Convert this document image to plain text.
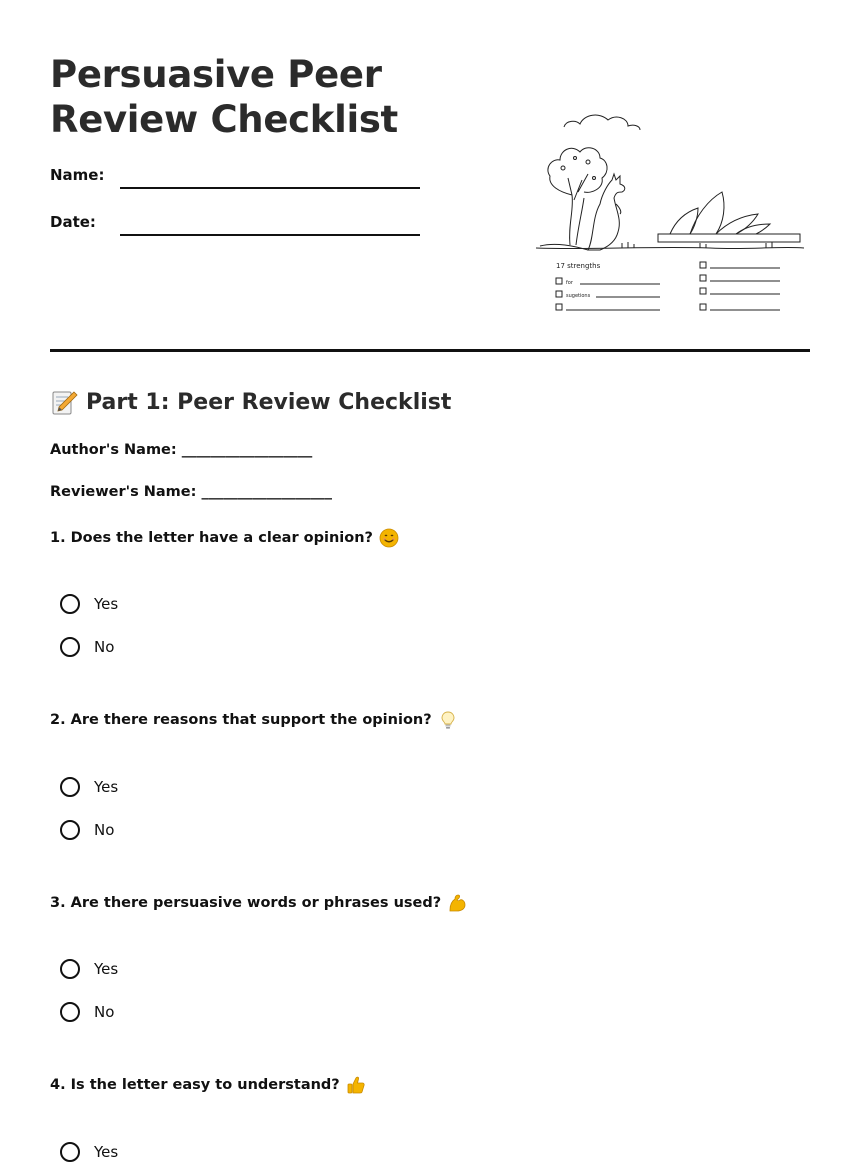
Persuasive Peer Review Checklist
Name:
Date:
17 strengths
for
sugetions
Part 1: Peer Review Checklist
Author's Name: __________________
Reviewer's Name: __________________
1. Does the letter have a clear opinion?
Yes
No
2. Are there reasons that support the opinion?
Yes
No
3. Are there persuasive words or phrases used?
Yes
No
4. Is the letter easy to understand?
Yes
